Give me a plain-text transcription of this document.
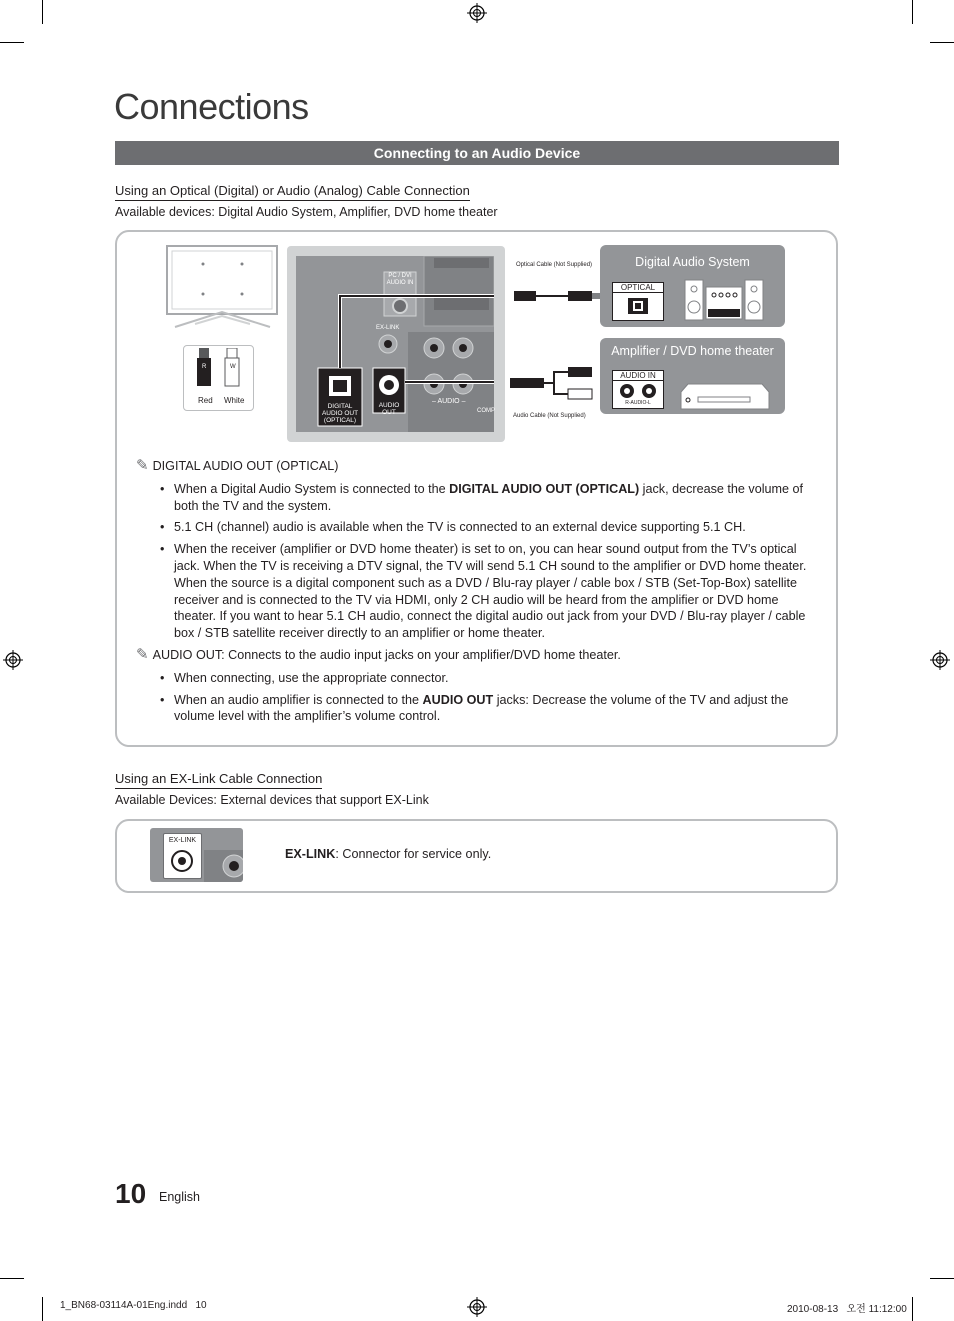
Connections
Connecting to an Audio Device
Using an Optical (Digital) or Audio (Analog) Cable Connection
Available devices: Digital Audio System, Amplifier, DVD home theater
R	W
Red White
PC / DVI AUDIO IN
EX-LINK
DIGITAL AUDIO OUT (OPTICAL)
AUDIO OUT
– AUDIO –
COMP
Optical Cable (Not Supplied)
Audio Cable (Not Supplied)
Digital Audio System
OPTICAL
Amplifier / DVD home theater
AUDIO IN
R-AUDIO-L
✎ DIGITAL AUDIO OUT (OPTICAL)
• When a Digital Audio System is connected to the DIGITAL AUDIO OUT (OPTICAL) jack, decrease the volume of both the TV and the system.
• 5.1 CH (channel) audio is available when the TV is connected to an external device supporting 5.1 CH.
• When the receiver (amplifier or DVD home theater) is set to on, you can hear sound output from the TV’s optical jack. When the TV is receiving a DTV signal, the TV will send 5.1 CH sound to the amplifier or DVD home theater. When the source is a digital component such as a DVD / Blu-ray player / cable box / STB (Set-Top-Box) satellite receiver and is connected to the TV via HDMI, only 2 CH audio will be heard from the amplifier or DVD home theater. If you want to hear 5.1 CH audio, connect the digital audio out jack from your DVD / Blu-ray player / cable box / STB satellite receiver directly to an amplifier or home theater.
✎ AUDIO OUT: Connects to the audio input jacks on your amplifier/DVD home theater.
• When connecting, use the appropriate connector.
• When an audio amplifier is connected to the AUDIO OUT jacks: Decrease the volume of the TV and adjust the volume level with the amplifier’s volume control.
Using an EX-Link Cable Connection
Available Devices: External devices that support EX-Link
EX-LINK
EX-LINK: Connector for service only.
10 English
1_BN68-03114A-01Eng.indd   10	2010-08-13   오전 11:12:00
